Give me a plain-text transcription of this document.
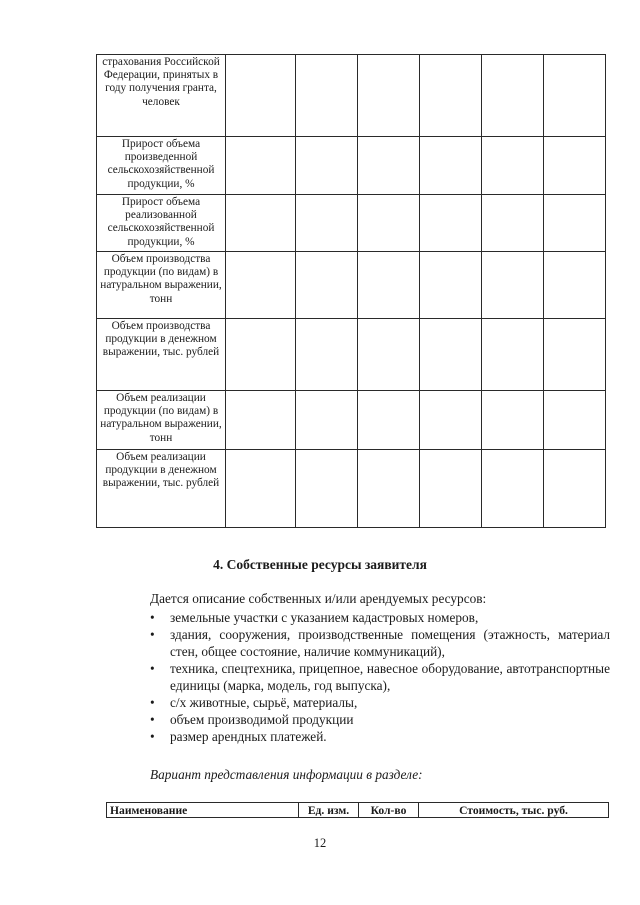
страхования Российской Федерации, принятых в году получения гранта, человек						
Прирост объема произведенной сельскохозяйственной продукции, %						
Прирост объема реализованной сельскохозяйственной продукции, %						
Объем производства продукции (по видам) в натуральном выражении, тонн						
Объем производства продукции в денежном выражении, тыс. рублей						
Объем реализации продукции (по видам) в натуральном выражении, тонн						
Объем реализации продукции в денежном выражении, тыс. рублей						
4. Собственные ресурсы заявителя
Дается описание собственных и/или арендуемых ресурсов:
• земельные участки с указанием кадастровых номеров,
• здания, сооружения, производственные помещения (этажность, материал стен, общее состояние, наличие коммуникаций),
• техника, спецтехника, прицепное, навесное оборудование, автотранспортные единицы (марка, модель, год выпуска),
• с/х животные, сырьё, материалы,
• объем производимой продукции
• размер арендных платежей.
Вариант представления информации в разделе:
Наименование	Ед. изм.	Кол-во	Стоимость, тыс. руб.
12
